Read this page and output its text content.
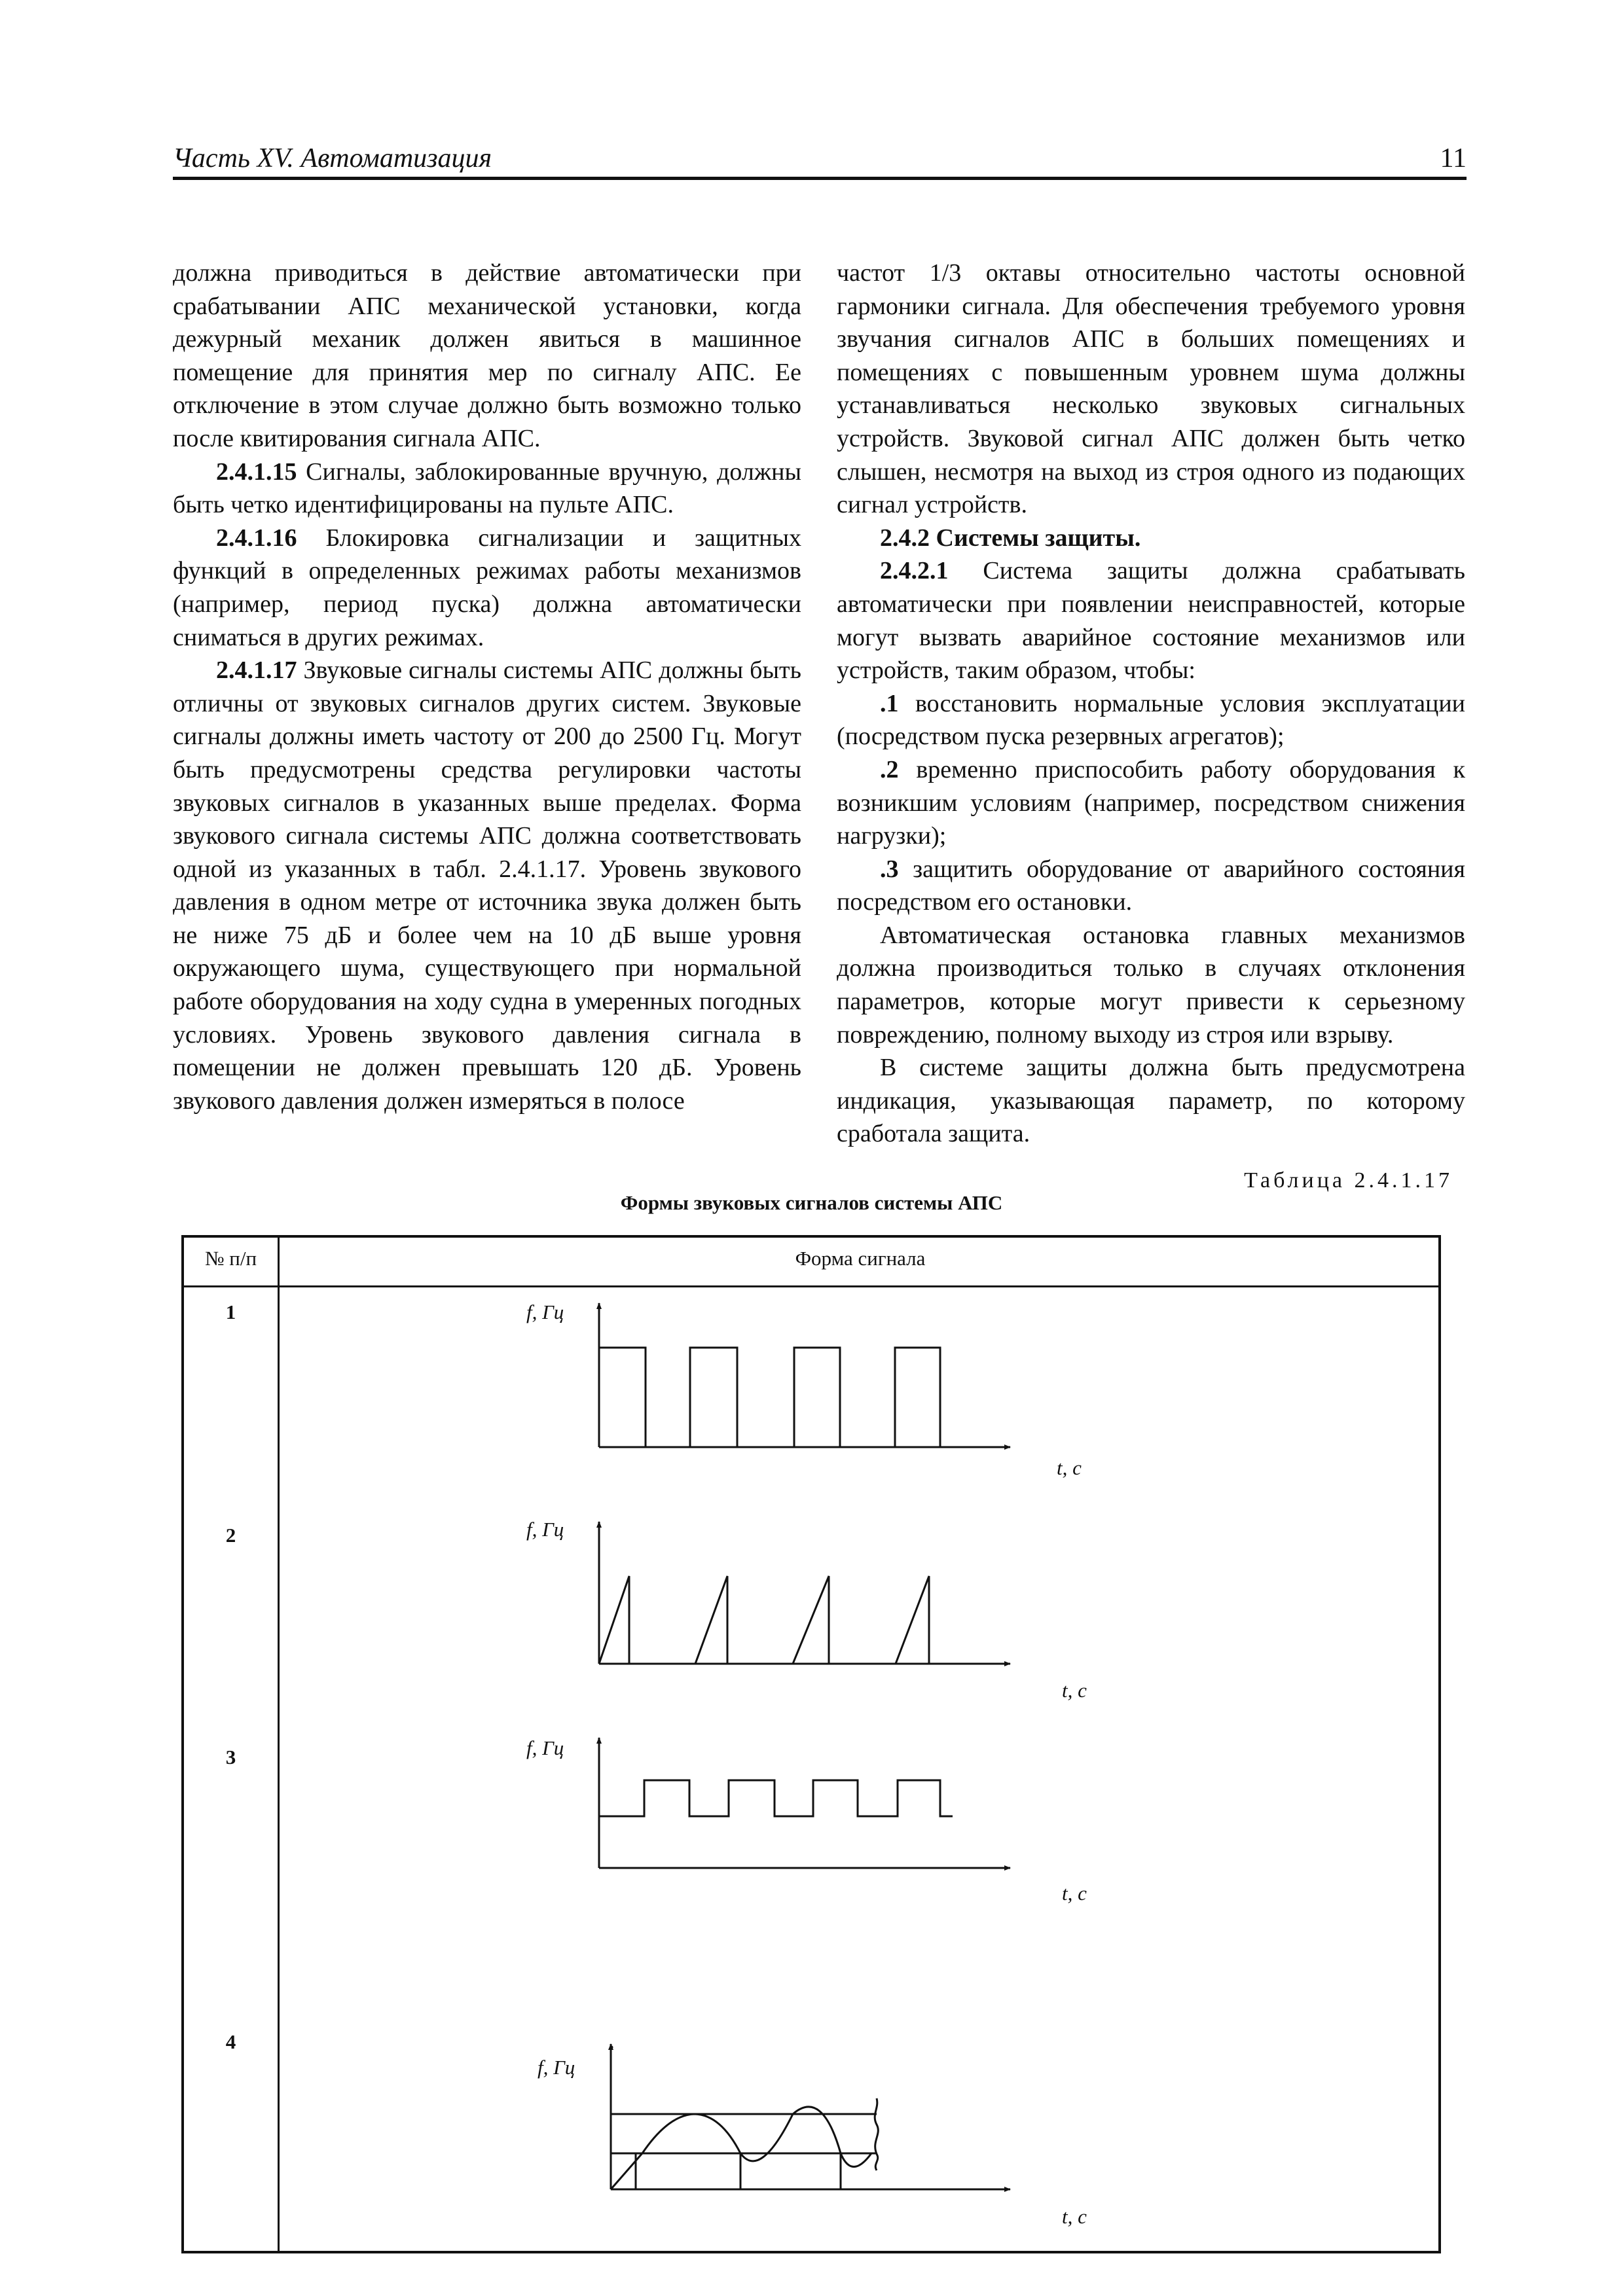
Часть XV. Автоматизация	11

должна приводиться в действие автоматически при срабатывании АПС механической установки, когда дежурный механик должен явиться в машинное помещение для принятия мер по сигналу АПС. Ее отключение в этом случае должно быть возможно только после квитирования сигнала АПС.

2.4.1.15 Сигналы, заблокированные вручную, должны быть четко идентифицированы на пульте АПС.

2.4.1.16 Блокировка сигнализации и защитных функций в определенных режимах работы механизмов (например, период пуска) должна автоматически сниматься в других режимах.

2.4.1.17 Звуковые сигналы системы АПС должны быть отличны от звуковых сигналов других систем. Звуковые сигналы должны иметь частоту от 200 до 2500 Гц. Могут быть предусмотрены средства регулировки частоты звуковых сигналов в указанных выше пределах. Форма звукового сигнала системы АПС должна соответствовать одной из указанных в табл. 2.4.1.17. Уровень звукового давления в одном метре от источника звука должен быть не ниже 75 дБ и более чем на 10 дБ выше уровня окружающего шума, существующего при нормальной работе оборудования на ходу судна в умеренных погодных условиях. Уровень звукового давления сигнала в помещении не должен превышать 120 дБ. Уровень звукового давления должен измеряться в полосе

частот 1/3 октавы относительно частоты основной гармоники сигнала. Для обеспечения требуемого уровня звучания сигналов АПС в больших помещениях и помещениях с повышенным уровнем шума должны устанавливаться несколько звуковых сигнальных устройств. Звуковой сигнал АПС должен быть четко слышен, несмотря на выход из строя одного из подающих сигнал устройств.

2.4.2 Системы защиты.

2.4.2.1 Система защиты должна срабатывать автоматически при появлении неисправностей, которые могут вызвать аварийное состояние механизмов или устройств, таким образом, чтобы:

.1 восстановить нормальные условия эксплуатации (посредством пуска резервных агрегатов);

.2 временно приспособить работу оборудования к возникшим условиям (например, посредством снижения нагрузки);

.3 защитить оборудование от аварийного состояния посредством его остановки.

Автоматическая остановка главных механизмов должна производиться только в случаях отклонения параметров, которые могут привести к серьезному повреждению, полному выходу из строя или взрыву.

В системе защиты должна быть предусмотрена индикация, указывающая параметр, по которому сработала защита.

Таблица 2.4.1.17
Формы звуковых сигналов системы АПС
№ п/п	Форма сигнала
1
2
3
4
f, Гц
t, с
f, Гц
t, с
f, Гц
t, с
f, Гц
t, с
